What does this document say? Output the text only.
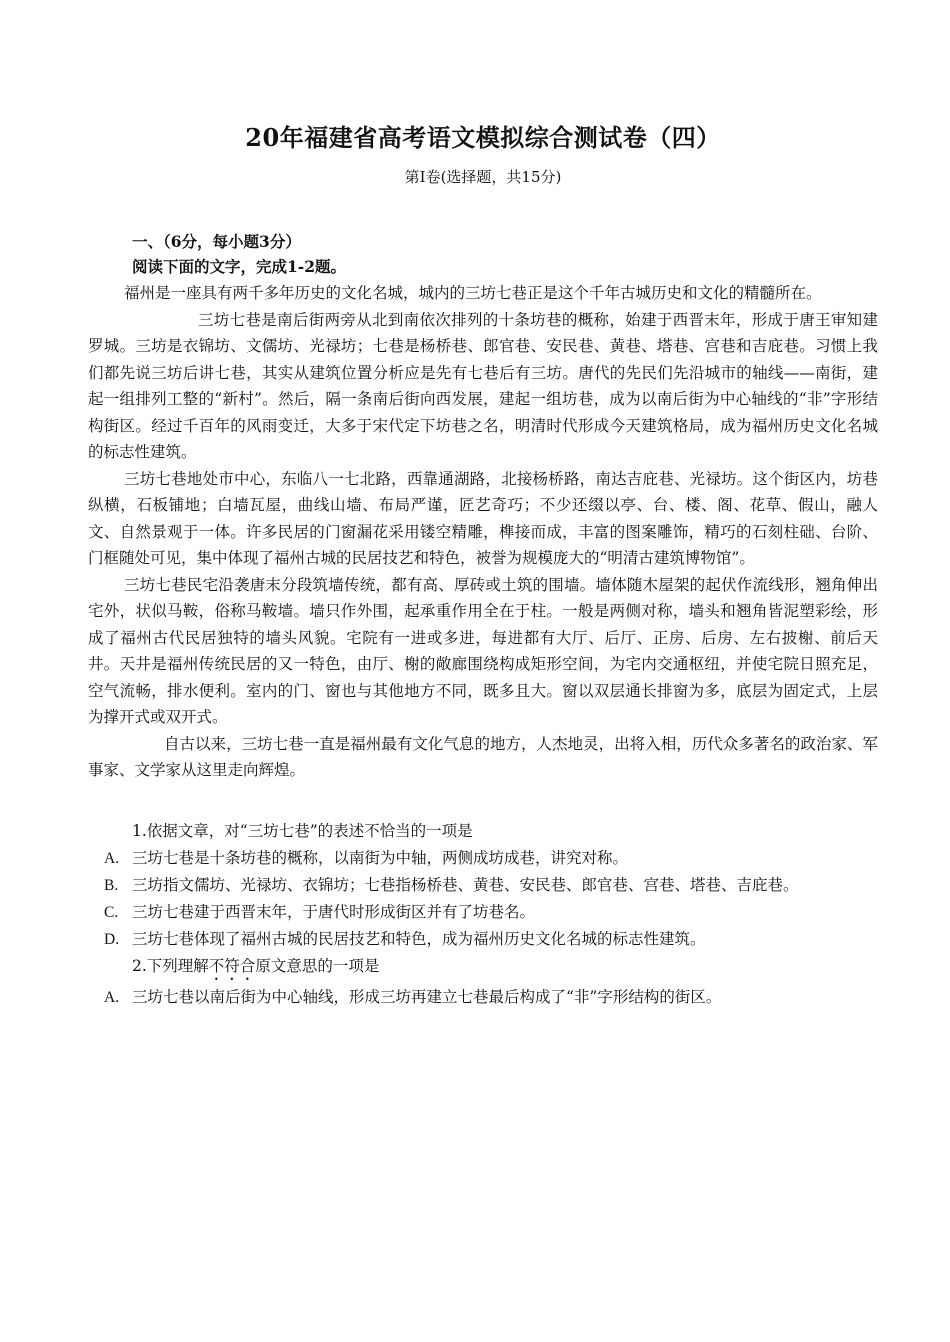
20年福建省高考语文模拟综合测试卷（四）
第Ⅰ卷(选择题，共15分)
一、（6分，每小题3分）
阅读下面的文字，完成1-2题。

福州是一座具有两千多年历史的文化名城，城内的三坊七巷正是这个千年古城历史和文化的精髓所在。

三坊七巷是南后街两旁从北到南依次排列的十条坊巷的概称，始建于西晋末年，形成于唐王审知建罗城。三坊是衣锦坊、文儒坊、光禄坊；七巷是杨桥巷、郎官巷、安民巷、黄巷、塔巷、宫巷和吉庇巷。习惯上我们都先说三坊后讲七巷，其实从建筑位置分析应是先有七巷后有三坊。唐代的先民们先沿城市的轴线——南街，建起一组排列工整的“新村”。然后，隔一条南后街向西发展，建起一组坊巷，成为以南后街为中心轴线的“非”字形结构街区。经过千百年的风雨变迁，大多于宋代定下坊巷之名，明清时代形成今天建筑格局，成为福州历史文化名城的标志性建筑。

三坊七巷地处市中心，东临八一七北路，西靠通湖路，北接杨桥路，南达吉庇巷、光禄坊。这个街区内，坊巷纵横，石板铺地；白墙瓦屋，曲线山墙、布局严谨，匠艺奇巧；不少还缀以亭、台、楼、阁、花草、假山，融人文、自然景观于一体。许多民居的门窗漏花采用镂空精雕，榫接而成，丰富的图案雕饰，精巧的石刻柱础、台阶、门框随处可见，集中体现了福州古城的民居技艺和特色，被誉为规模庞大的“明清古建筑博物馆”。

三坊七巷民宅沿袭唐末分段筑墙传统，都有高、厚砖或土筑的围墙。墙体随木屋架的起伏作流线形，翘角伸出宅外，状似马鞍，俗称马鞍墙。墙只作外围，起承重作用全在于柱。一般是两侧对称，墙头和翘角皆泥塑彩绘，形成了福州古代民居独特的墙头风貌。宅院有一进或多进，每进都有大厅、后厅、正房、后房、左右披榭、前后天井。天井是福州传统民居的又一特色，由厅、榭的敞廊围绕构成矩形空间，为宅内交通枢纽，并使宅院日照充足，空气流畅，排水便利。室内的门、窗也与其他地方不同，既多且大。窗以双层通长排窗为多，底层为固定式，上层为撑开式或双开式。

自古以来，三坊七巷一直是福州最有文化气息的地方，人杰地灵，出将入相，历代众多著名的政治家、军事家、文学家从这里走向辉煌。

1.依据文章，对“三坊七巷”的表述不恰当的一项是
A. 三坊七巷是十条坊巷的概称，以南街为中轴，两侧成坊成巷，讲究对称。
B. 三坊指文儒坊、光禄坊、衣锦坊；七巷指杨桥巷、黄巷、安民巷、郎官巷、宫巷、塔巷、吉庇巷。
C. 三坊七巷建于西晋末年，于唐代时形成街区并有了坊巷名。
D. 三坊七巷体现了福州古城的民居技艺和特色，成为福州历史文化名城的标志性建筑。
2.下列理解不符合原文意思的一项是
A. 三坊七巷以南后街为中心轴线，形成三坊再建立七巷最后构成了“非”字形结构的街区。
